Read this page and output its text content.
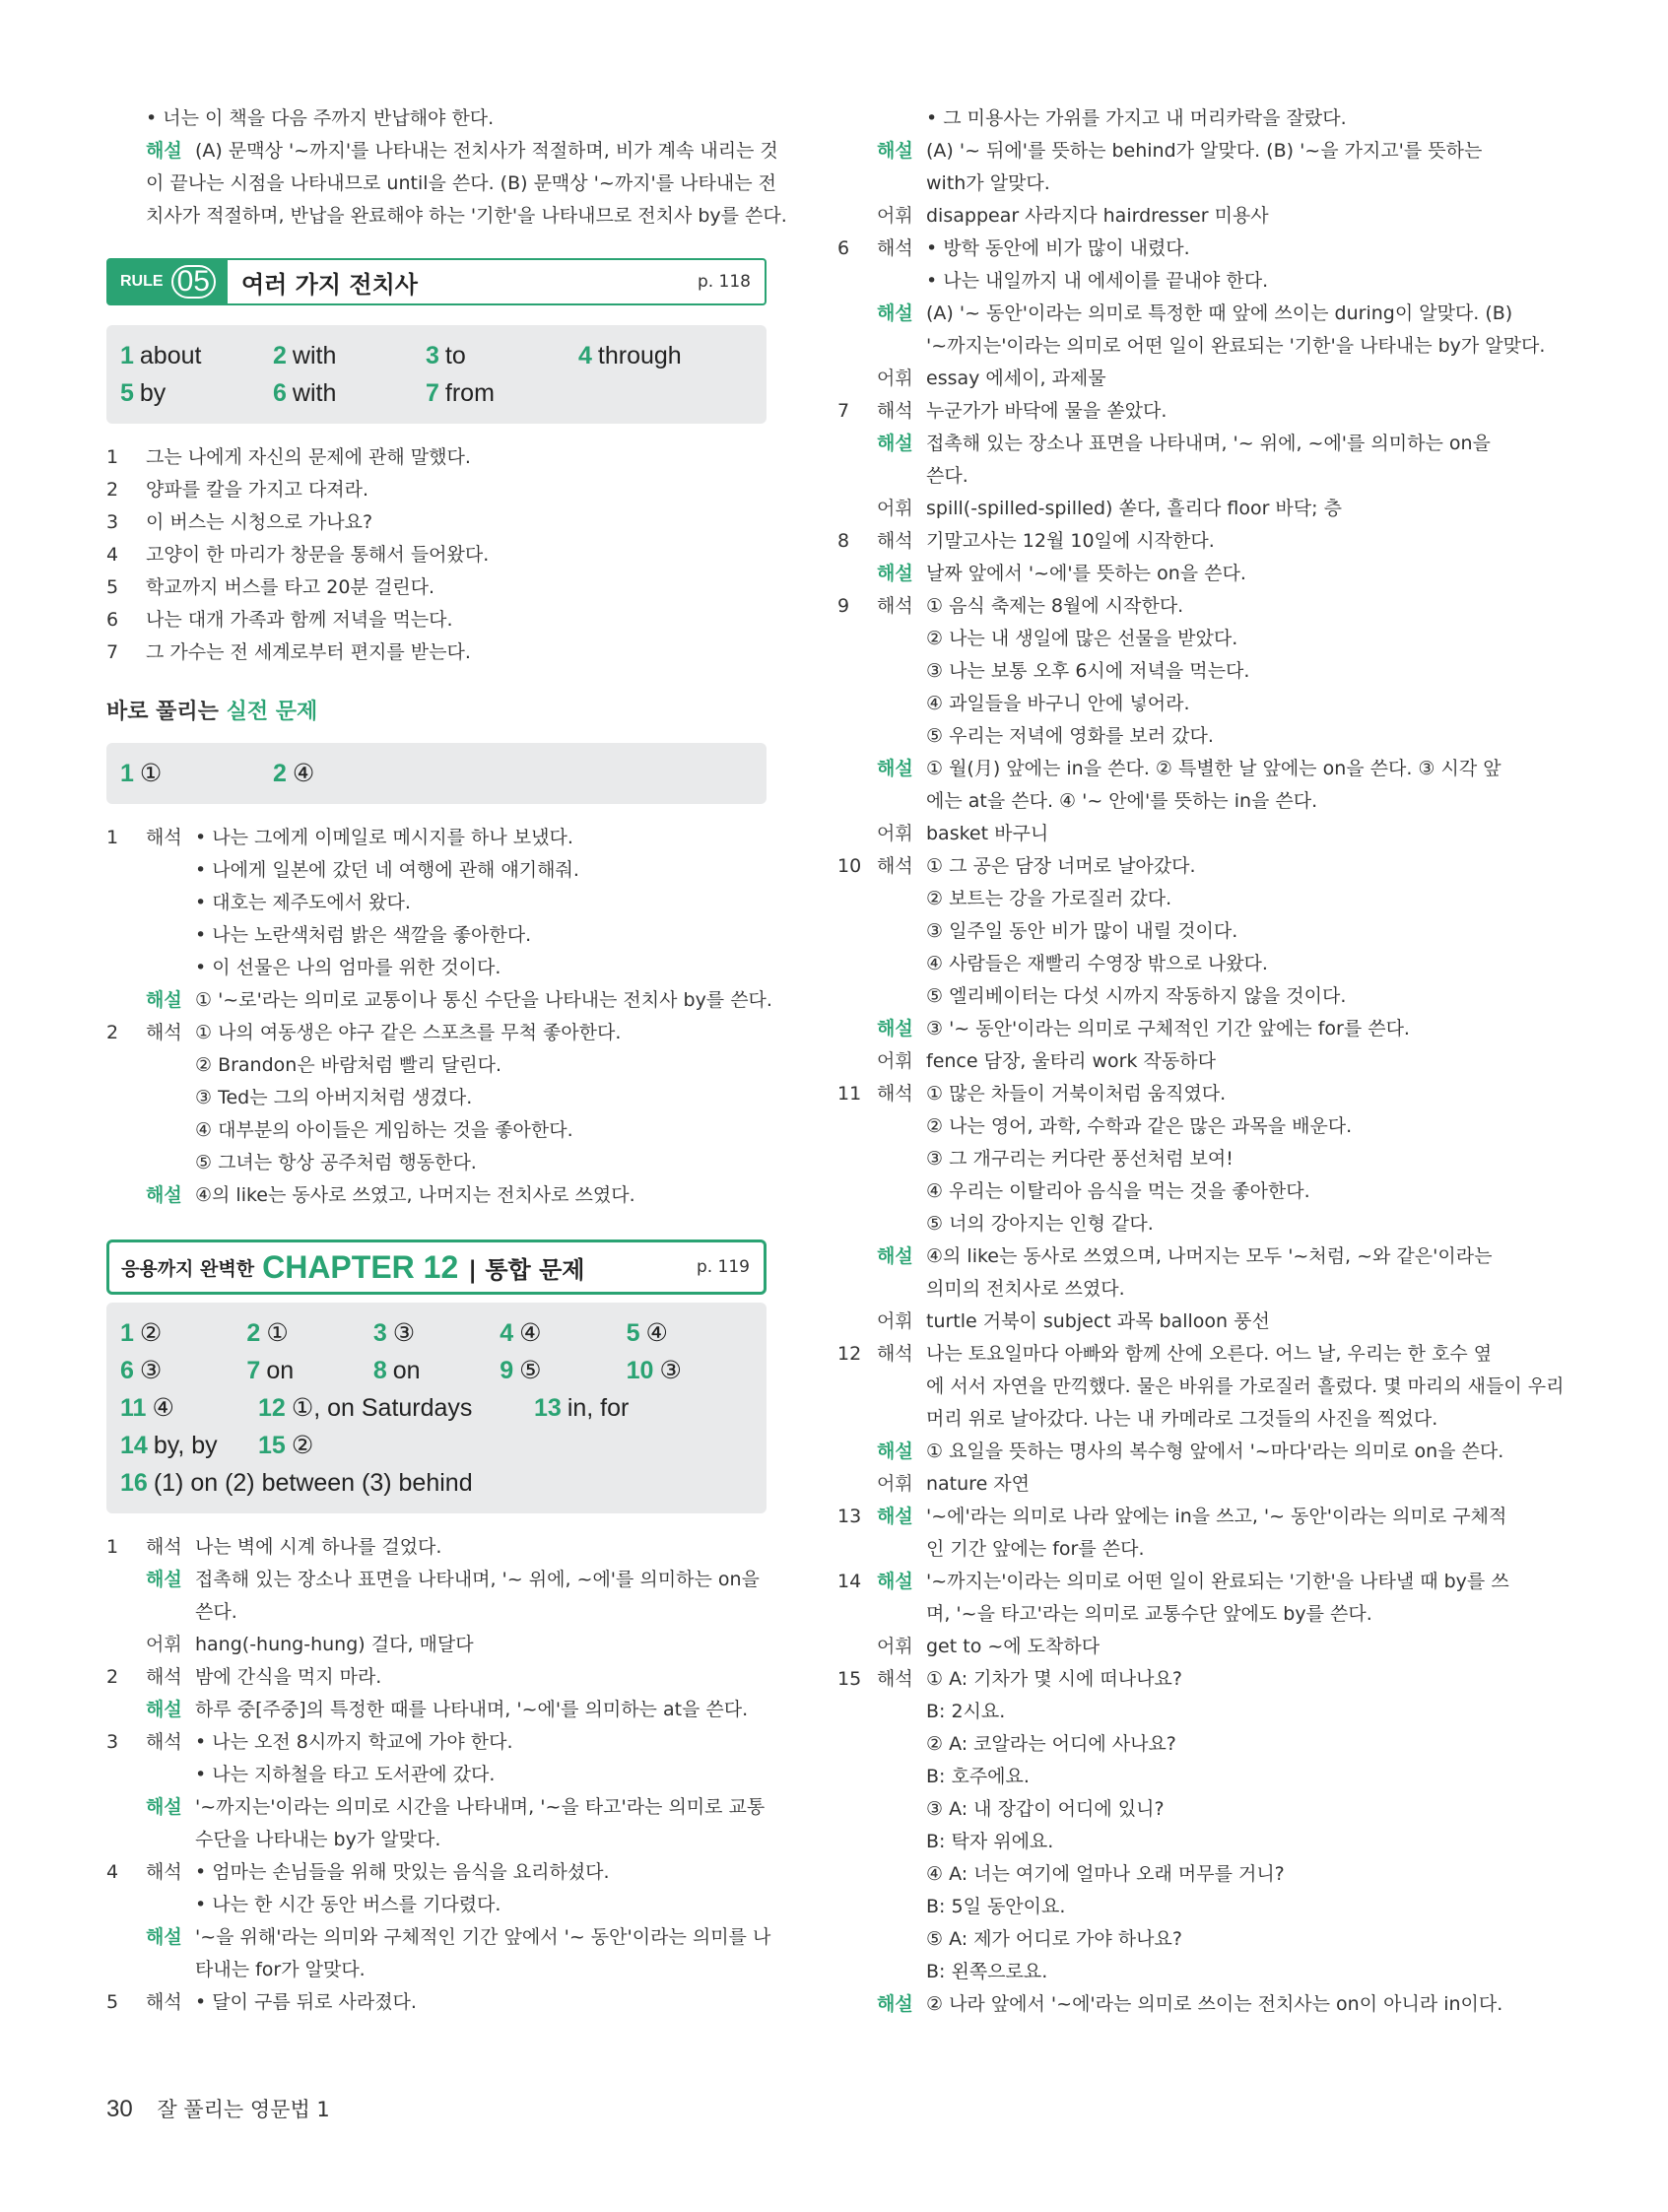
• 너는 이 책을 다음 주까지 반납해야 한다.
해설 (A) 문맥상 '~까지'를 나타내는 전치사가 적절하며, 비가 계속 내리는 것
이 끝나는 시점을 나타내므로 until을 쓴다. (B) 문맥상 '~까지'를 나타내는 전
치사가 적절하며, 반납을 완료해야 하는 '기한'을 나타내므로 전치사 by를 쓴다.
RULE 05	여러 가지 전치사	p. 118
1 about	2 with	3 to	4 through
5 by	6 with	7 from
1	그는 나에게 자신의 문제에 관해 말했다.
2	양파를 칼을 가지고 다져라.
3	이 버스는 시청으로 가나요?
4	고양이 한 마리가 창문을 통해서 들어왔다.
5	학교까지 버스를 타고 20분 걸린다.
6	나는 대개 가족과 함께 저녁을 먹는다.
7	그 가수는 전 세계로부터 편지를 받는다.
바로 풀리는 실전 문제
1 ①	2 ④
1	해석 • 나는 그에게 이메일로 메시지를 하나 보냈다.
• 나에게 일본에 갔던 네 여행에 관해 얘기해줘.
• 대호는 제주도에서 왔다.
• 나는 노란색처럼 밝은 색깔을 좋아한다.
• 이 선물은 나의 엄마를 위한 것이다.
해설 ① '~로'라는 의미로 교통이나 통신 수단을 나타내는 전치사 by를 쓴다.
2	해석 ① 나의 여동생은 야구 같은 스포츠를 무척 좋아한다.
② Brandon은 바람처럼 빨리 달린다.
③ Ted는 그의 아버지처럼 생겼다.
④ 대부분의 아이들은 게임하는 것을 좋아한다.
⑤ 그녀는 항상 공주처럼 행동한다.
해설 ④의 like는 동사로 쓰였고, 나머지는 전치사로 쓰였다.
응용까지 완벽한 CHAPTER 12 | 통합 문제	p. 119
1 ②	2 ①	3 ③	4 ④	5 ④
6 ③	7 on	8 on	9 ⑤	10 ③
11 ④	12 ①, on Saturdays	13 in, for
14 by, by	15 ②
16 (1) on (2) between (3) behind
1	해석 나는 벽에 시계 하나를 걸었다.
해설 접촉해 있는 장소나 표면을 나타내며, '~ 위에, ~에'를 의미하는 on을
쓴다.
어휘 hang(-hung-hung) 걸다, 매달다
2	해석 밤에 간식을 먹지 마라.
해설 하루 중[주중]의 특정한 때를 나타내며, '~에'를 의미하는 at을 쓴다.
3	해석 • 나는 오전 8시까지 학교에 가야 한다.
• 나는 지하철을 타고 도서관에 갔다.
해설 '~까지는'이라는 의미로 시간을 나타내며, '~을 타고'라는 의미로 교통
수단을 나타내는 by가 알맞다.
4	해석 • 엄마는 손님들을 위해 맛있는 음식을 요리하셨다.
• 나는 한 시간 동안 버스를 기다렸다.
해설 '~을 위해'라는 의미와 구체적인 기간 앞에서 '~ 동안'이라는 의미를 나
타내는 for가 알맞다.
5	해석 • 달이 구름 뒤로 사라졌다.
• 그 미용사는 가위를 가지고 내 머리카락을 잘랐다.
해설 (A) '~ 뒤에'를 뜻하는 behind가 알맞다. (B) '~을 가지고'를 뜻하는
with가 알맞다.
어휘 disappear 사라지다 hairdresser 미용사
6	해석 • 방학 동안에 비가 많이 내렸다.
• 나는 내일까지 내 에세이를 끝내야 한다.
해설 (A) '~ 동안'이라는 의미로 특정한 때 앞에 쓰이는 during이 알맞다. (B)
'~까지는'이라는 의미로 어떤 일이 완료되는 '기한'을 나타내는 by가 알맞다.
어휘 essay 에세이, 과제물
7	해석 누군가가 바닥에 물을 쏟았다.
해설 접촉해 있는 장소나 표면을 나타내며, '~ 위에, ~에'를 의미하는 on을
쓴다.
어휘 spill(-spilled-spilled) 쏟다, 흘리다 floor 바닥; 층
8	해석 기말고사는 12월 10일에 시작한다.
해설 날짜 앞에서 '~에'를 뜻하는 on을 쓴다.
9	해석 ① 음식 축제는 8월에 시작한다.
② 나는 내 생일에 많은 선물을 받았다.
③ 나는 보통 오후 6시에 저녁을 먹는다.
④ 과일들을 바구니 안에 넣어라.
⑤ 우리는 저녁에 영화를 보러 갔다.
해설 ① 월(月) 앞에는 in을 쓴다. ② 특별한 날 앞에는 on을 쓴다. ③ 시각 앞
에는 at을 쓴다. ④ '~ 안에'를 뜻하는 in을 쓴다.
어휘 basket 바구니
10 해석 ① 그 공은 담장 너머로 날아갔다.
② 보트는 강을 가로질러 갔다.
③ 일주일 동안 비가 많이 내릴 것이다.
④ 사람들은 재빨리 수영장 밖으로 나왔다.
⑤ 엘리베이터는 다섯 시까지 작동하지 않을 것이다.
해설 ③ '~ 동안'이라는 의미로 구체적인 기간 앞에는 for를 쓴다.
어휘 fence 담장, 울타리 work 작동하다
11 해석 ① 많은 차들이 거북이처럼 움직였다.
② 나는 영어, 과학, 수학과 같은 많은 과목을 배운다.
③ 그 개구리는 커다란 풍선처럼 보여!
④ 우리는 이탈리아 음식을 먹는 것을 좋아한다.
⑤ 너의 강아지는 인형 같다.
해설 ④의 like는 동사로 쓰였으며, 나머지는 모두 '~처럼, ~와 같은'이라는
의미의 전치사로 쓰였다.
어휘 turtle 거북이 subject 과목 balloon 풍선
12 해석 나는 토요일마다 아빠와 함께 산에 오른다. 어느 날, 우리는 한 호수 옆
에 서서 자연을 만끽했다. 물은 바위를 가로질러 흘렀다. 몇 마리의 새들이 우리
머리 위로 날아갔다. 나는 내 카메라로 그것들의 사진을 찍었다.
해설 ① 요일을 뜻하는 명사의 복수형 앞에서 '~마다'라는 의미로 on을 쓴다.
어휘 nature 자연
13 해설 '~에'라는 의미로 나라 앞에는 in을 쓰고, '~ 동안'이라는 의미로 구체적
인 기간 앞에는 for를 쓴다.
14 해설 '~까지는'이라는 의미로 어떤 일이 완료되는 '기한'을 나타낼 때 by를 쓰
며, '~을 타고'라는 의미로 교통수단 앞에도 by를 쓴다.
어휘 get to ~에 도착하다
15 해석 ① A: 기차가 몇 시에 떠나나요?
B: 2시요.
② A: 코알라는 어디에 사나요?
B: 호주에요.
③ A: 내 장갑이 어디에 있니?
B: 탁자 위에요.
④ A: 너는 여기에 얼마나 오래 머무를 거니?
B: 5일 동안이요.
⑤ A: 제가 어디로 가야 하나요?
B: 왼쪽으로요.
해설 ② 나라 앞에서 '~에'라는 의미로 쓰이는 전치사는 on이 아니라 in이다.
30 잘 풀리는 영문법 1
